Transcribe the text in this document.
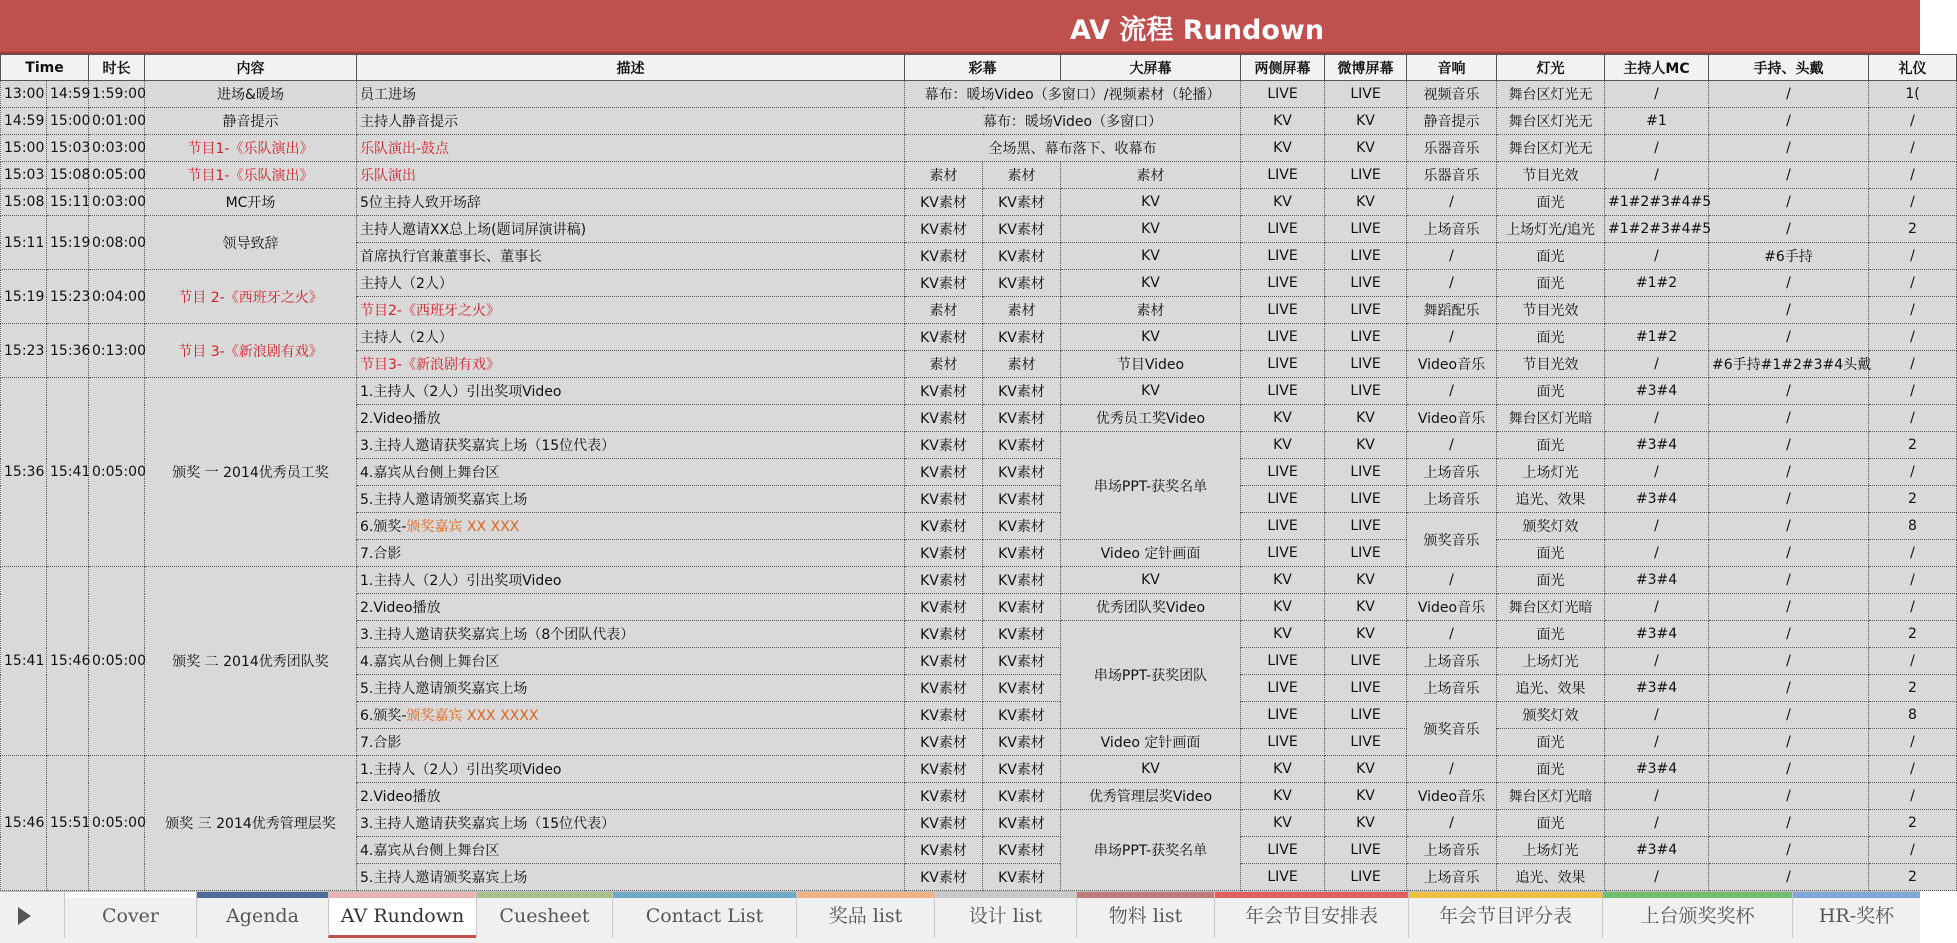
AV 流程 Rundown
Time		时长	内容	描述	彩幕		大屏幕	两侧屏幕	微博屏幕	音响	灯光	主持人MC	手持、头戴	礼仪
13:00	14:59	1:59:00	进场&暖场	员工进场	幕布：暖场Video（多窗口）/视频素材（轮播）			LIVE	LIVE	视频音乐	舞台区灯光无	/	/	1(
14:59	15:00	0:01:00	静音提示	主持人静音提示	幕布：暖场Video（多窗口）			KV	KV	静音提示	舞台区灯光无	#1	/	/
15:00	15:03	0:03:00	节目1-《乐队演出》	乐队演出-鼓点	全场黑、幕布落下、收幕布			KV	KV	乐器音乐	舞台区灯光无	/	/	/
15:03	15:08	0:05:00	节目1-《乐队演出》	乐队演出	素材	素材	素材	LIVE	LIVE	乐器音乐	节目光效	/	/	/
15:08	15:11	0:03:00	MC开场	5位主持人致开场辞	KV素材	KV素材	KV	KV	KV	/	面光	#1#2#3#4#5	/	/
15:11	15:19	0:08:00	领导致辞	主持人邀请XX总上场(题词屏演讲稿)	KV素材	KV素材	KV	LIVE	LIVE	上场音乐	上场灯光/追光	#1#2#3#4#5	/	2
				首席执行官兼董事长、董事长	KV素材	KV素材	KV	LIVE	LIVE	/	面光	/	#6手持	/
15:19	15:23	0:04:00	节目 2-《西班牙之火》	主持人（2人）	KV素材	KV素材	KV	LIVE	LIVE	/	面光	#1#2	/	/
				节目2-《西班牙之火》	素材	素材	素材	LIVE	LIVE	舞蹈配乐	节目光效		/	/
15:23	15:36	0:13:00	节目 3-《新浪剧有戏》	主持人（2人）	KV素材	KV素材	KV	LIVE	LIVE	/	面光	#1#2	/	/
				节目3-《新浪剧有戏》	素材	素材	节目Video	LIVE	LIVE	Video音乐	节目光效	/	#6手持#1#2#3#4头戴	/
15:36	15:41	0:05:00	颁奖 一 2014优秀员工奖	1.主持人（2人）引出奖项Video	KV素材	KV素材	KV	LIVE	LIVE	/	面光	#3#4	/	/
				2.Video播放	KV素材	KV素材	优秀员工奖Video	KV	KV	Video音乐	舞台区灯光暗	/	/	/
				3.主持人邀请获奖嘉宾上场（15位代表）	KV素材	KV素材	串场PPT-获奖名单	KV	KV	/	面光	#3#4	/	2
				4.嘉宾从台侧上舞台区	KV素材	KV素材		LIVE	LIVE	上场音乐	上场灯光	/	/	/
				5.主持人邀请颁奖嘉宾上场	KV素材	KV素材		LIVE	LIVE	上场音乐	追光、效果	#3#4	/	2
				6.颁奖-颁奖嘉宾 XX XXX	KV素材	KV素材		LIVE	LIVE	颁奖音乐	颁奖灯效	/	/	8
				7.合影	KV素材	KV素材	Video 定针画面	LIVE	LIVE		面光	/	/	/
15:41	15:46	0:05:00	颁奖 二 2014优秀团队奖	1.主持人（2人）引出奖项Video	KV素材	KV素材	KV	KV	KV	/	面光	#3#4	/	/
				2.Video播放	KV素材	KV素材	优秀团队奖Video	KV	KV	Video音乐	舞台区灯光暗	/	/	/
				3.主持人邀请获奖嘉宾上场（8个团队代表）	KV素材	KV素材	串场PPT-获奖团队	KV	KV	/	面光	#3#4	/	2
				4.嘉宾从台侧上舞台区	KV素材	KV素材		LIVE	LIVE	上场音乐	上场灯光	/	/	/
				5.主持人邀请颁奖嘉宾上场	KV素材	KV素材		LIVE	LIVE	上场音乐	追光、效果	#3#4	/	2
				6.颁奖-颁奖嘉宾 XXX XXXX	KV素材	KV素材		LIVE	LIVE	颁奖音乐	颁奖灯效	/	/	8
				7.合影	KV素材	KV素材	Video 定针画面	LIVE	LIVE		面光	/	/	/
15:46	15:51	0:05:00	颁奖 三 2014优秀管理层奖	1.主持人（2人）引出奖项Video	KV素材	KV素材	KV	KV	KV	/	面光	#3#4	/	/
				2.Video播放	KV素材	KV素材	优秀管理层奖Video	KV	KV	Video音乐	舞台区灯光暗	/	/	/
				3.主持人邀请获奖嘉宾上场（15位代表）	KV素材	KV素材	串场PPT-获奖名单	KV	KV	/	面光	/	/	2
				4.嘉宾从台侧上舞台区	KV素材	KV素材		LIVE	LIVE	上场音乐	上场灯光	#3#4	/	/
				5.主持人邀请颁奖嘉宾上场	KV素材	KV素材		LIVE	LIVE	上场音乐	追光、效果	/	/	2
Cover	Agenda	AV Rundown	Cuesheet	Contact List	奖品 list	设计 list	物料 list	年会节目安排表	年会节目评分表	上台颁奖奖杯	HR-奖杯
